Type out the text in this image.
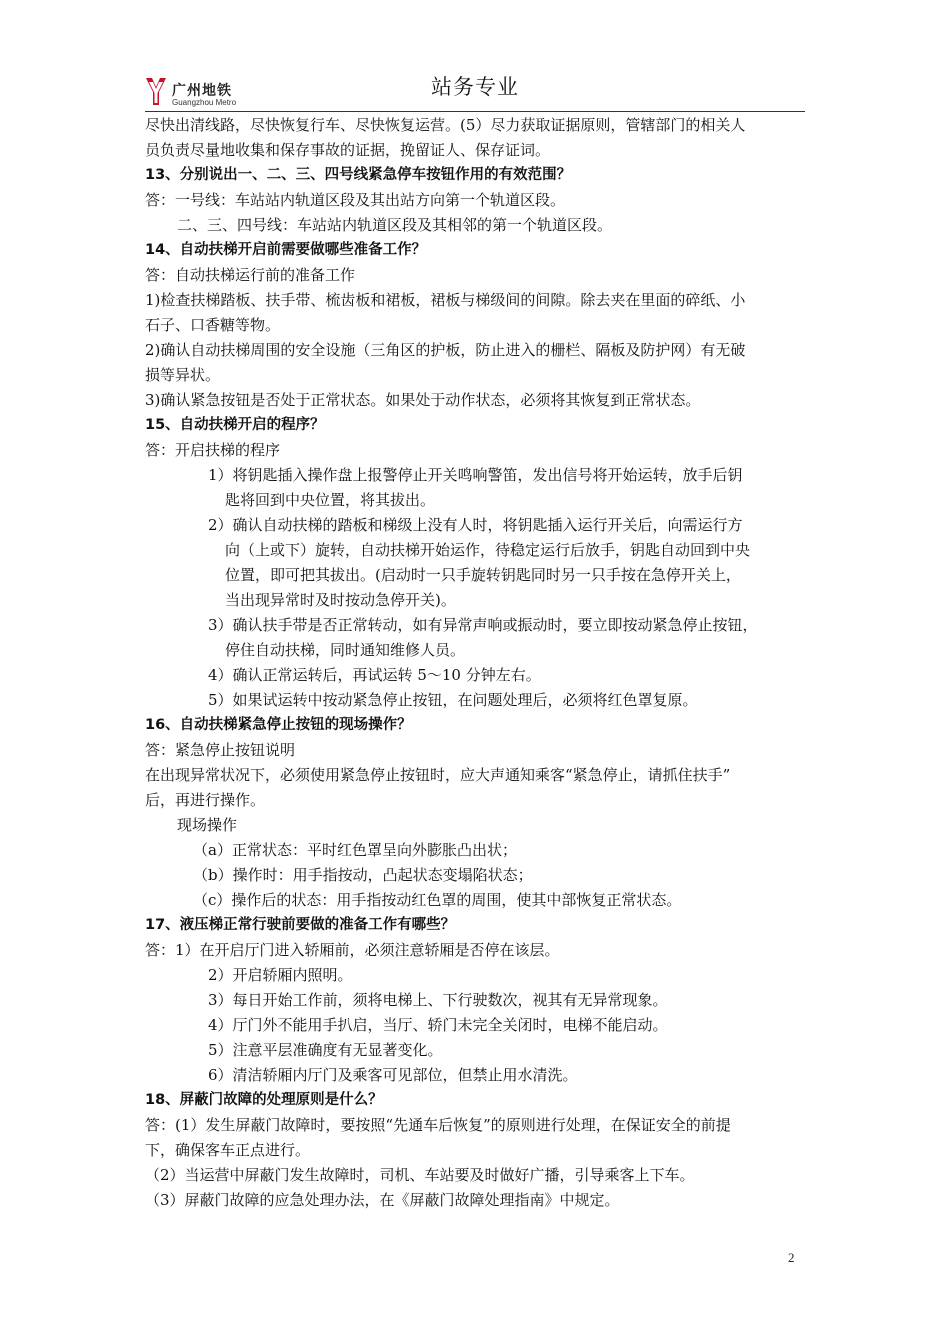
广州地铁
Guangzhou Metro
站务专业
尽快出清线路，尽快恢复行车、尽快恢复运营。(5）尽力获取证据原则，管辖部门的相关人
员负责尽量地收集和保存事故的证据，挽留证人、保存证词。
13、分别说出一、二、三、四号线紧急停车按钮作用的有效范围？
答：一号线：车站站内轨道区段及其出站方向第一个轨道区段。
二、三、四号线：车站站内轨道区段及其相邻的第一个轨道区段。
14、自动扶梯开启前需要做哪些准备工作？
答：自动扶梯运行前的准备工作
1)检查扶梯踏板、扶手带、梳齿板和裙板，裙板与梯级间的间隙。除去夹在里面的碎纸、小
石子、口香糖等物。
2)确认自动扶梯周围的安全设施（三角区的护板，防止进入的栅栏、隔板及防护网）有无破
损等异状。
3)确认紧急按钮是否处于正常状态。如果处于动作状态，必须将其恢复到正常状态。
15、自动扶梯开启的程序？
答：开启扶梯的程序
1）将钥匙插入操作盘上报警停止开关鸣响警笛，发出信号将开始运转，放手后钥
匙将回到中央位置，将其拔出。
2）确认自动扶梯的踏板和梯级上没有人时，将钥匙插入运行开关后，向需运行方
向（上或下）旋转，自动扶梯开始运作，待稳定运行后放手，钥匙自动回到中央
位置，即可把其拔出。(启动时一只手旋转钥匙同时另一只手按在急停开关上，
当出现异常时及时按动急停开关)。
3）确认扶手带是否正常转动，如有异常声响或振动时，要立即按动紧急停止按钮，
停住自动扶梯，同时通知维修人员。
4）确认正常运转后，再试运转 5～10 分钟左右。
5）如果试运转中按动紧急停止按钮，在问题处理后，必须将红色罩复原。
16、自动扶梯紧急停止按钮的现场操作？
答：紧急停止按钮说明
在出现异常状况下，必须使用紧急停止按钮时，应大声通知乘客“紧急停止，请抓住扶手”
后，再进行操作。
现场操作
（a）正常状态：平时红色罩呈向外膨胀凸出状；
（b）操作时：用手指按动，凸起状态变塌陷状态；
（c）操作后的状态：用手指按动红色罩的周围，使其中部恢复正常状态。
17、液压梯正常行驶前要做的准备工作有哪些？
答：1）在开启厅门进入轿厢前，必须注意轿厢是否停在该层。
2）开启轿厢内照明。
3）每日开始工作前，须将电梯上、下行驶数次，视其有无异常现象。
4）厅门外不能用手扒启，当厅、轿门未完全关闭时，电梯不能启动。
5）注意平层准确度有无显著变化。
6）清洁轿厢内厅门及乘客可见部位，但禁止用水清洗。
18、屏蔽门故障的处理原则是什么？
答：(1）发生屏蔽门故障时，要按照“先通车后恢复”的原则进行处理，在保证安全的前提
下，确保客车正点进行。
（2）当运营中屏蔽门发生故障时，司机、车站要及时做好广播，引导乘客上下车。
（3）屏蔽门故障的应急处理办法，在《屏蔽门故障处理指南》中规定。
2
